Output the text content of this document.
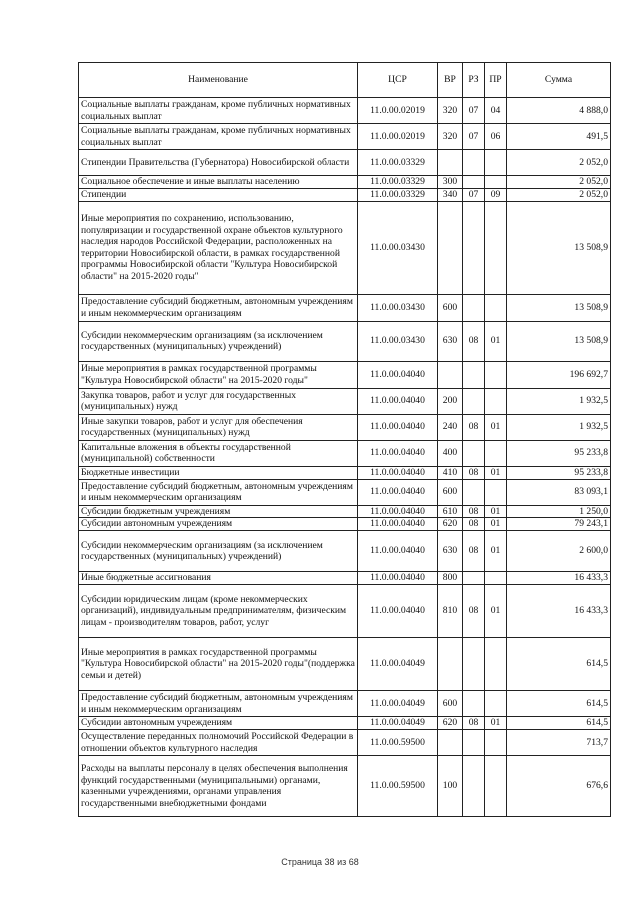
Наименование	ЦСР	ВР	РЗ	ПР	Сумма
Социальные выплаты гражданам, кроме публичных нормативных социальных выплат	11.0.00.02019	320	07	04	4 888,0
Социальные выплаты гражданам, кроме публичных нормативных социальных выплат	11.0.00.02019	320	07	06	491,5
Стипендии Правительства (Губернатора) Новосибирской области	11.0.00.03329				2 052,0
Социальное обеспечение и иные выплаты населению	11.0.00.03329	300			2 052,0
Стипендии	11.0.00.03329	340	07	09	2 052,0
Иные мероприятия по сохранению, использованию, популяризации и государственной охране объектов культурного наследия народов Российской Федерации, расположенных на территории Новосибирской области, в рамках государственной программы Новосибирской области "Культура Новосибирской области" на 2015-2020 годы"	11.0.00.03430				13 508,9
Предоставление субсидий бюджетным, автономным учреждениям и иным некоммерческим организациям	11.0.00.03430	600			13 508,9
Субсидии некоммерческим организациям (за исключением государственных (муниципальных) учреждений)	11.0.00.03430	630	08	01	13 508,9
Иные мероприятия в рамках государственной программы "Культура Новосибирской области" на 2015-2020 годы"	11.0.00.04040				196 692,7
Закупка товаров, работ и услуг для государственных (муниципальных) нужд	11.0.00.04040	200			1 932,5
Иные закупки товаров, работ и услуг для обеспечения государственных (муниципальных) нужд	11.0.00.04040	240	08	01	1 932,5
Капитальные вложения в объекты государственной (муниципальной) собственности	11.0.00.04040	400			95 233,8
Бюджетные инвестиции	11.0.00.04040	410	08	01	95 233,8
Предоставление субсидий бюджетным, автономным учреждениям и иным некоммерческим организациям	11.0.00.04040	600			83 093,1
Субсидии бюджетным учреждениям	11.0.00.04040	610	08	01	1 250,0
Субсидии автономным учреждениям	11.0.00.04040	620	08	01	79 243,1
Субсидии некоммерческим организациям (за исключением государственных (муниципальных) учреждений)	11.0.00.04040	630	08	01	2 600,0
Иные бюджетные ассигнования	11.0.00.04040	800			16 433,3
Субсидии юридическим лицам (кроме некоммерческих организаций), индивидуальным предпринимателям, физическим лицам - производителям товаров, работ, услуг	11.0.00.04040	810	08	01	16 433,3
Иные мероприятия в рамках государственной программы "Культура Новосибирской области" на 2015-2020 годы"(поддержка семьи и детей)	11.0.00.04049				614,5
Предоставление субсидий бюджетным, автономным учреждениям и иным некоммерческим организациям	11.0.00.04049	600			614,5
Субсидии автономным учреждениям	11.0.00.04049	620	08	01	614,5
Осуществление переданных полномочий Российской Федерации в отношении объектов культурного наследия	11.0.00.59500				713,7
Расходы на выплаты персоналу в целях обеспечения выполнения функций государственными (муниципальными) органами, казенными учреждениями, органами управления государственными внебюджетными фондами	11.0.00.59500	100			676,6
Страница 38 из 68
